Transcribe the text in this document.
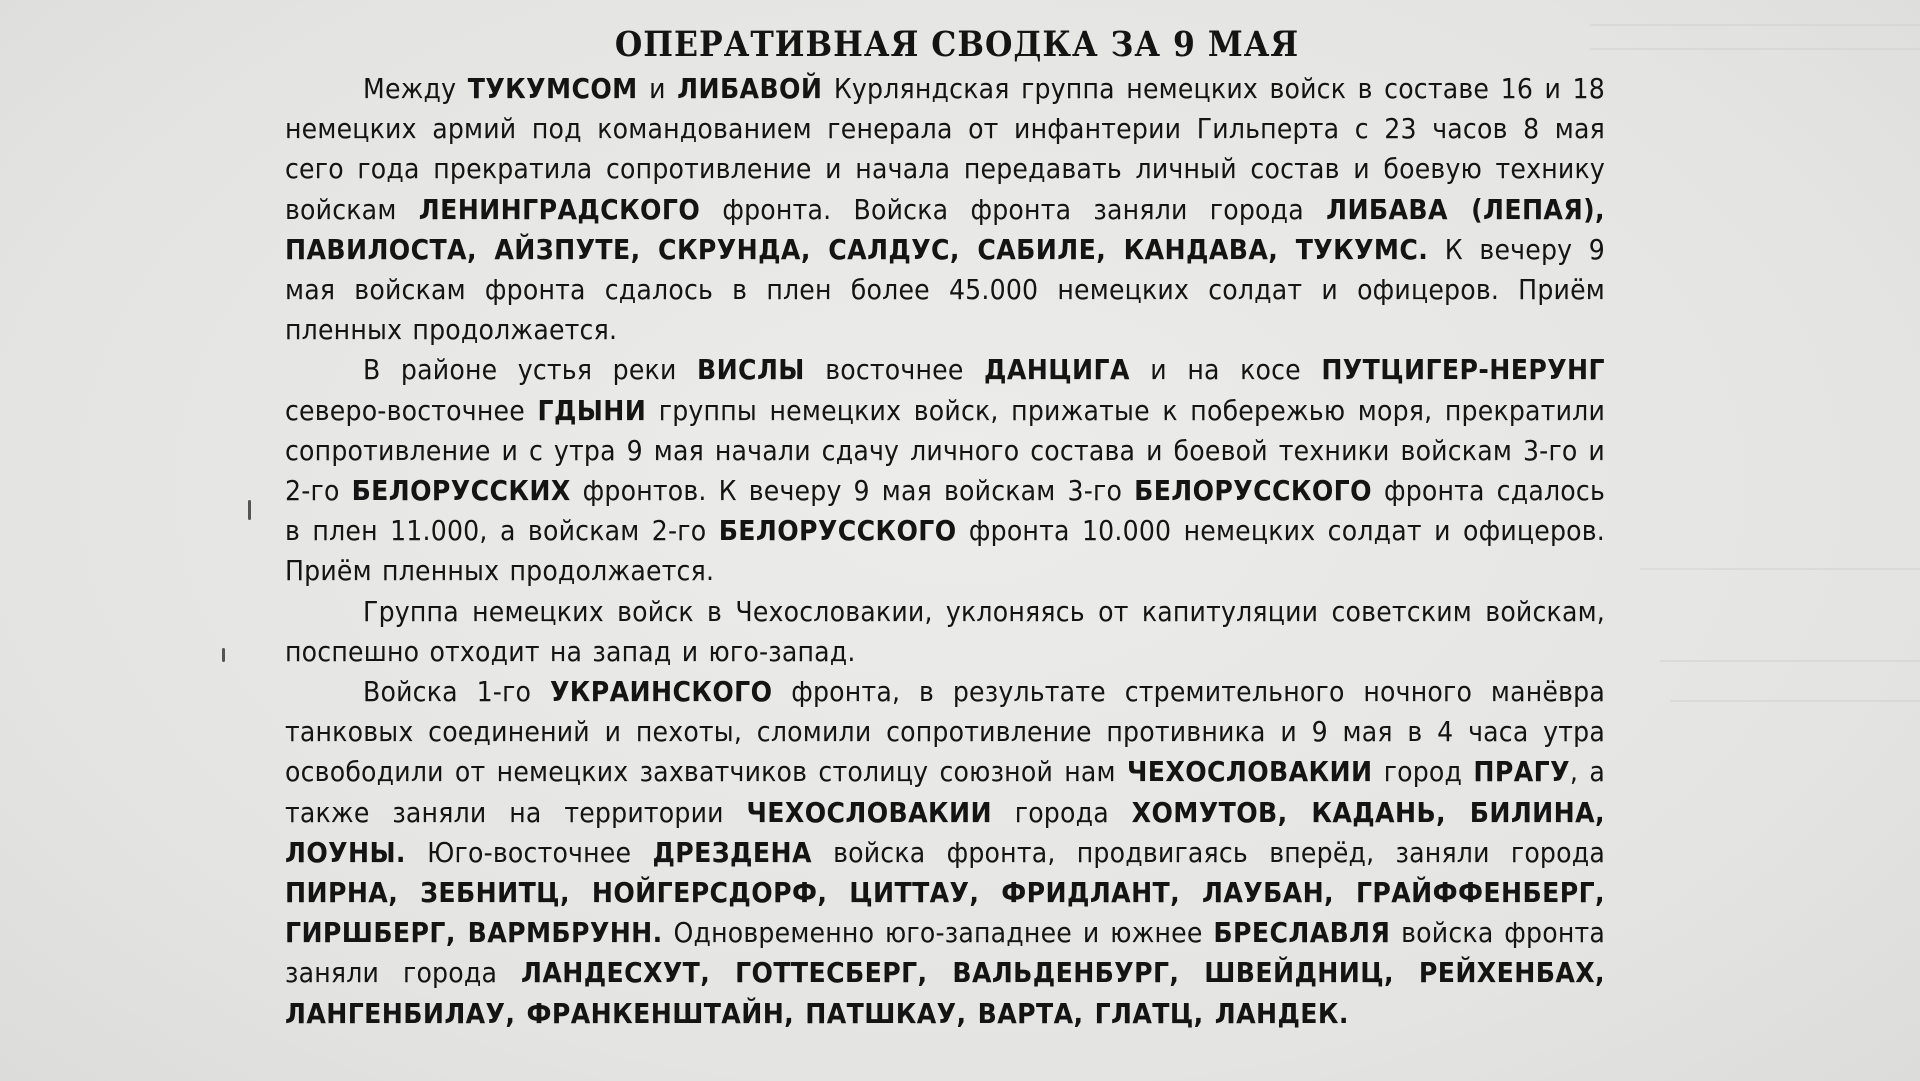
ОПЕРАТИВНАЯ СВОДКА ЗА 9 МАЯ

Между ТУКУМСОМ и ЛИБАВОЙ Курляндская группа немецких войск в составе 16 и 18 немецких армий под командованием генерала от инфантерии Гильперта с 23 часов 8 мая сего года прекратила сопротивление и начала передавать личный состав и боевую технику войскам ЛЕНИНГРАДСКОГО фронта. Войска фронта заняли города ЛИБАВА (ЛЕПАЯ), ПАВИЛОСТА, АЙЗПУТЕ, СКРУНДА, САЛДУС, САБИЛЕ, КАНДАВА, ТУКУМС. К вечеру 9 мая войскам фронта сдалось в плен более 45.000 немецких солдат и офицеров. Приём пленных продолжается.

В районе устья реки ВИСЛЫ восточнее ДАНЦИГА и на косе ПУТЦИГЕР-НЕРУНГ северо-восточнее ГДЫНИ группы немецких войск, прижатые к побережью моря, прекратили сопротивление и с утра 9 мая начали сдачу личного состава и боевой техники войскам 3-го и 2-го БЕЛОРУССКИХ фронтов. К вечеру 9 мая войскам 3-го БЕЛОРУССКОГО фронта сдалось в плен 11.000, а войскам 2-го БЕЛОРУССКОГО фронта 10.000 немецких солдат и офицеров. Приём пленных продолжается.

Группа немецких войск в Чехословакии, уклоняясь от капитуляции советским войскам, поспешно отходит на запад и юго-запад.

Войска 1-го УКРАИНСКОГО фронта, в результате стремительного ночного манёвра танковых соединений и пехоты, сломили сопротивление противника и 9 мая в 4 часа утра освободили от немецких захватчиков столицу союзной нам ЧЕХОСЛОВАКИИ город ПРАГУ, а также заняли на территории ЧЕХОСЛОВАКИИ города ХОМУТОВ, КАДАНЬ, БИЛИНА, ЛОУНЫ. Юго-восточнее ДРЕЗДЕНА войска фронта, продвигаясь вперёд, заняли города ПИРНА, ЗЕБНИТЦ, НОЙГЕРСДОРФ, ЦИТТАУ, ФРИДЛАНТ, ЛАУБАН, ГРАЙФФЕНБЕРГ, ГИРШБЕРГ, ВАРМБРУНН. Одновременно юго-западнее и южнее БРЕСЛАВЛЯ войска фронта заняли города ЛАНДЕСХУТ, ГОТТЕСБЕРГ, ВАЛЬДЕНБУРГ, ШВЕЙДНИЦ, РЕЙХЕНБАХ, ЛАНГЕНБИЛАУ, ФРАНКЕНШТАЙН, ПАТШКАУ, ВАРТА, ГЛАТЦ, ЛАНДЕК.
